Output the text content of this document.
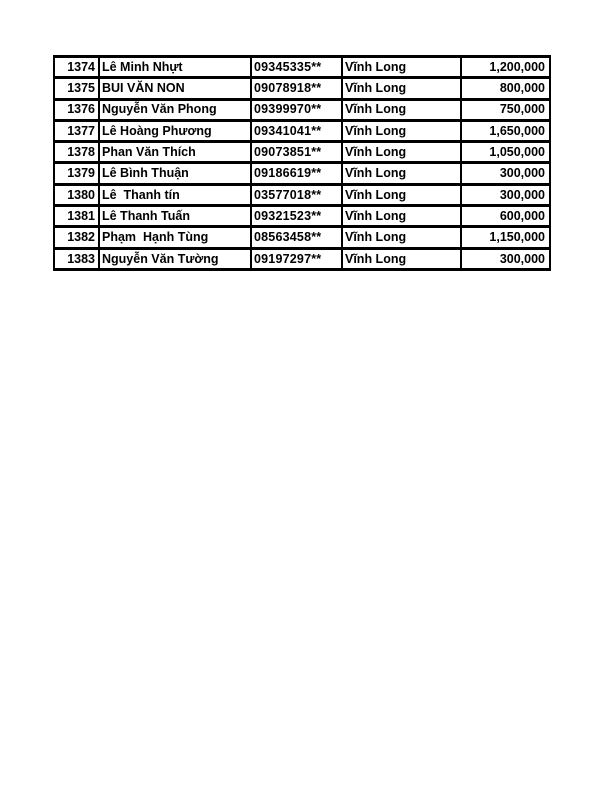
1374	Lê Minh Nhựt	09345335**	Vĩnh Long	1,200,000
1375	BUI VĂN NON	09078918**	Vĩnh Long	800,000
1376	Nguyễn Văn Phong	09399970**	Vĩnh Long	750,000
1377	Lê Hoàng Phương	09341041**	Vĩnh Long	1,650,000
1378	Phan Văn Thích	09073851**	Vĩnh Long	1,050,000
1379	Lê Bình Thuận	09186619**	Vĩnh Long	300,000
1380	Lê  Thanh tín	03577018**	Vĩnh Long	300,000
1381	Lê Thanh Tuấn	09321523**	Vĩnh Long	600,000
1382	Phạm  Hạnh Tùng	08563458**	Vĩnh Long	1,150,000
1383	Nguyễn Văn Tường	09197297**	Vĩnh Long	300,000
